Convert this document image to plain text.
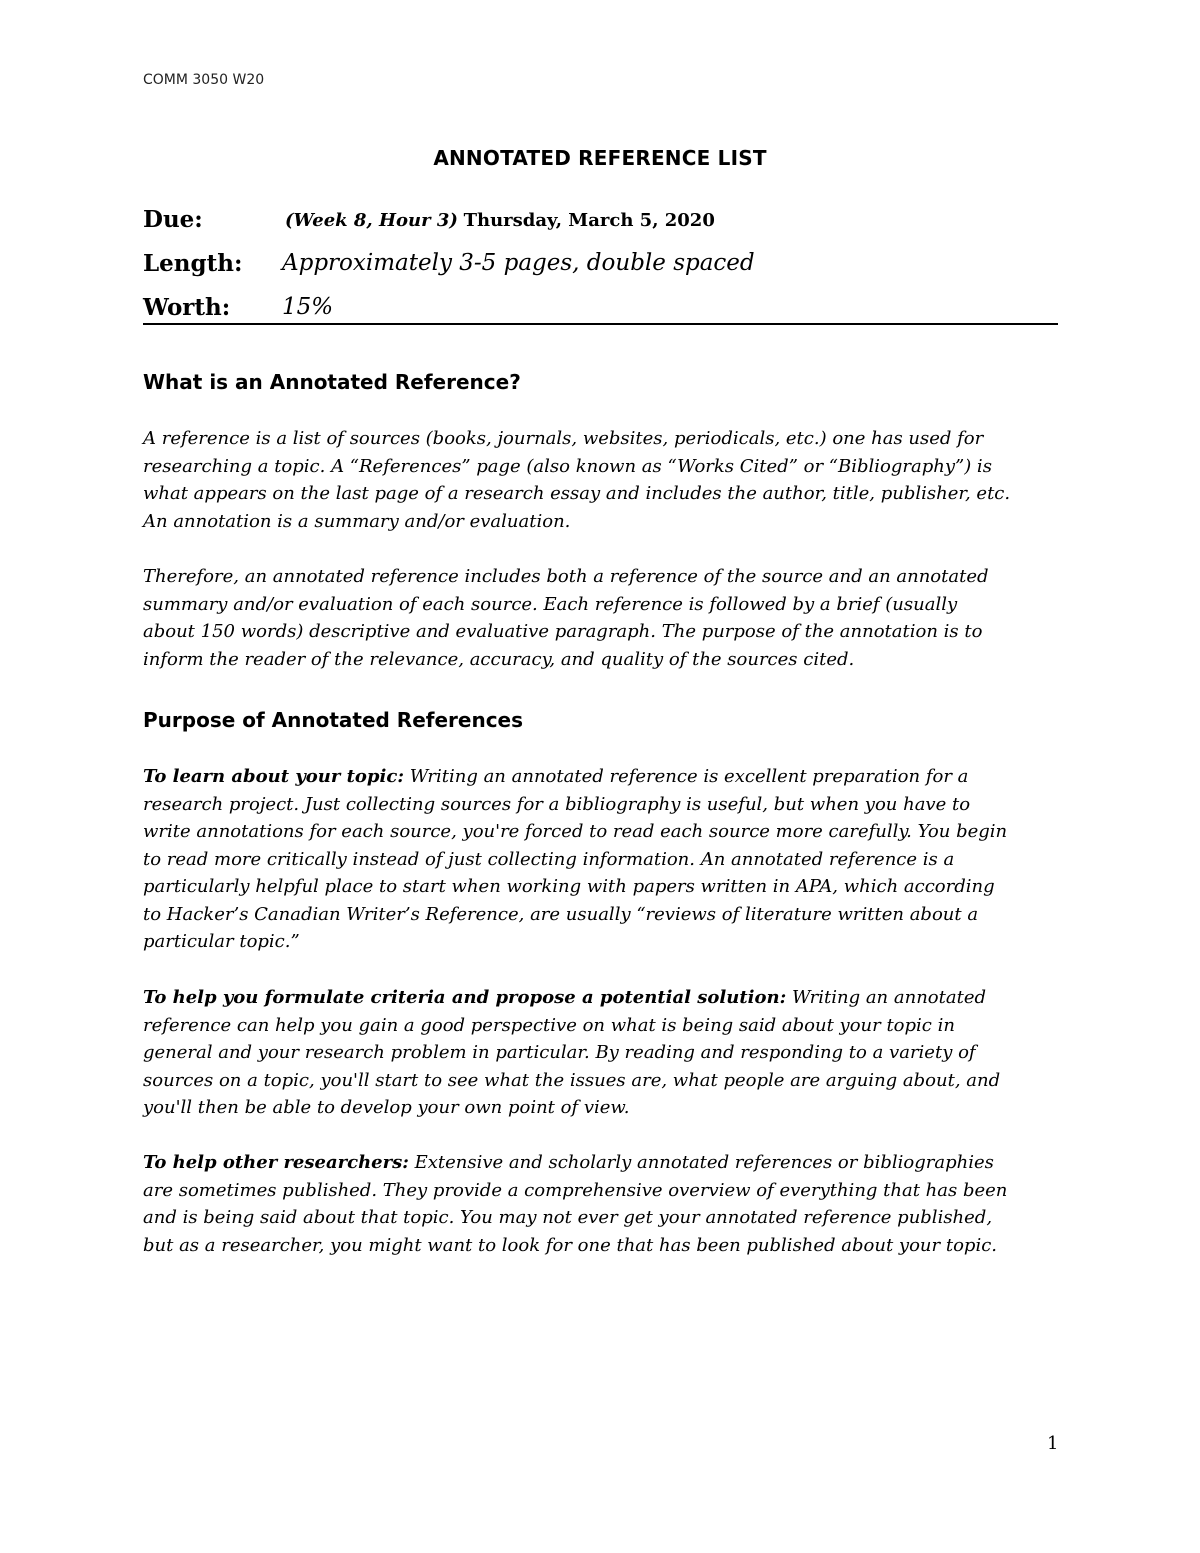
COMM 3050 W20
ANNOTATED REFERENCE LIST
Due:	(Week 8, Hour 3) Thursday, March 5, 2020
Length: Approximately 3-5 pages, double spaced
Worth: 15%
What is an Annotated Reference?
A reference is a list of sources (books, journals, websites, periodicals, etc.) one has used for
researching a topic. A “References” page (also known as “Works Cited” or “Bibliography”) is
what appears on the last page of a research essay and includes the author, title, publisher, etc.
An annotation is a summary and/or evaluation.
Therefore, an annotated reference includes both a reference of the source and an annotated
summary and/or evaluation of each source. Each reference is followed by a brief (usually
about 150 words) descriptive and evaluative paragraph. The purpose of the annotation is to
inform the reader of the relevance, accuracy, and quality of the sources cited.
Purpose of Annotated References
To learn about your topic: Writing an annotated reference is excellent preparation for a
research project. Just collecting sources for a bibliography is useful, but when you have to
write annotations for each source, you're forced to read each source more carefully. You begin
to read more critically instead of just collecting information. An annotated reference is a
particularly helpful place to start when working with papers written in APA, which according
to Hacker’s Canadian Writer’s Reference, are usually “reviews of literature written about a
particular topic.”
To help you formulate criteria and propose a potential solution: Writing an annotated
reference can help you gain a good perspective on what is being said about your topic in
general and your research problem in particular. By reading and responding to a variety of
sources on a topic, you'll start to see what the issues are, what people are arguing about, and
you'll then be able to develop your own point of view.
To help other researchers: Extensive and scholarly annotated references or bibliographies
are sometimes published. They provide a comprehensive overview of everything that has been
and is being said about that topic. You may not ever get your annotated reference published,
but as a researcher, you might want to look for one that has been published about your topic.
1
